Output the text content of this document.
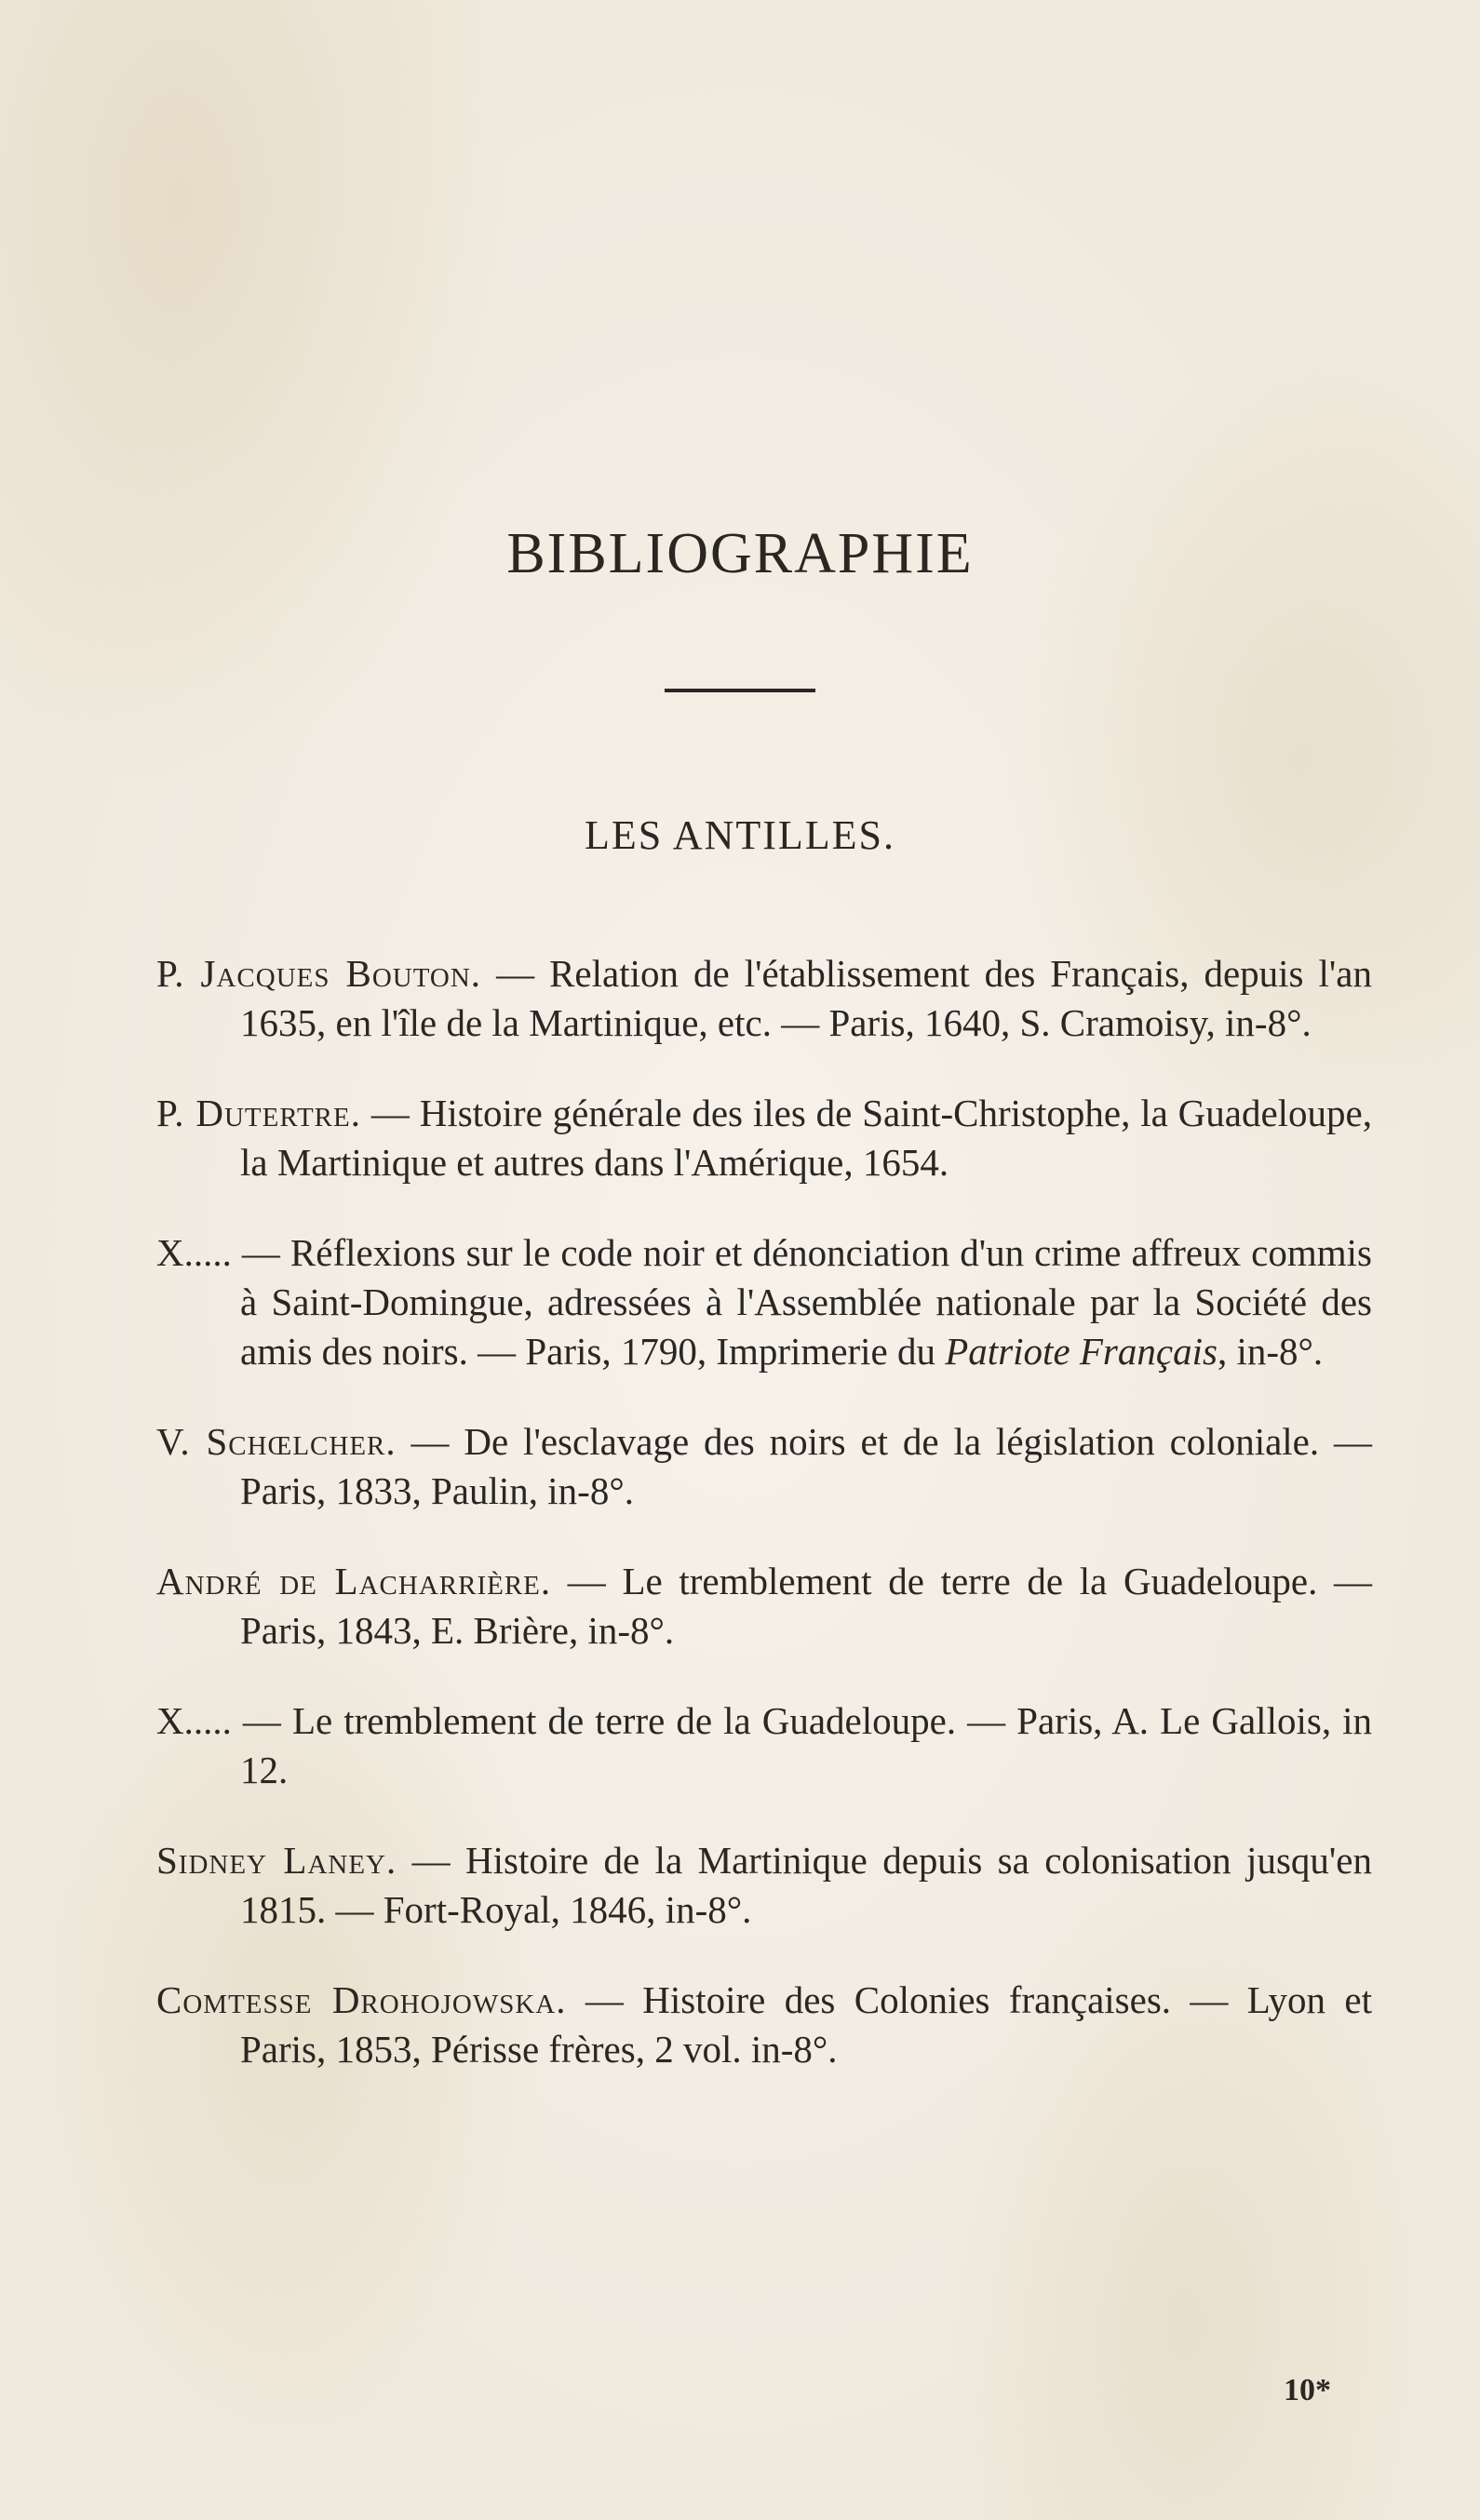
BIBLIOGRAPHIE
LES ANTILLES.

P. Jacques Bouton. — Relation de l'établissement des Français, depuis l'an 1635, en l'île de la Martinique, etc. — Paris, 1640, S. Cramoisy, in-8°.

P. Dutertre. — Histoire générale des iles de Saint-Christophe, la Guadeloupe, la Martinique et autres dans l'Amérique, 1654.

X..... — Réflexions sur le code noir et dénonciation d'un crime affreux commis à Saint-Domingue, adressées à l'Assemblée nationale par la Société des amis des noirs. — Paris, 1790, Imprimerie du Patriote Français, in-8°.

V. Schœlcher. — De l'esclavage des noirs et de la législation coloniale. — Paris, 1833, Paulin, in-8°.

André de Lacharrière. — Le tremblement de terre de la Guadeloupe. — Paris, 1843, E. Brière, in-8°.

X..... — Le tremblement de terre de la Guadeloupe. — Paris, A. Le Gallois, in 12.

Sidney Laney. — Histoire de la Martinique depuis sa colonisation jusqu'en 1815. — Fort-Royal, 1846, in-8°.

Comtesse Drohojowska. — Histoire des Colonies françaises. — Lyon et Paris, 1853, Périsse frères, 2 vol. in-8°.

10*
